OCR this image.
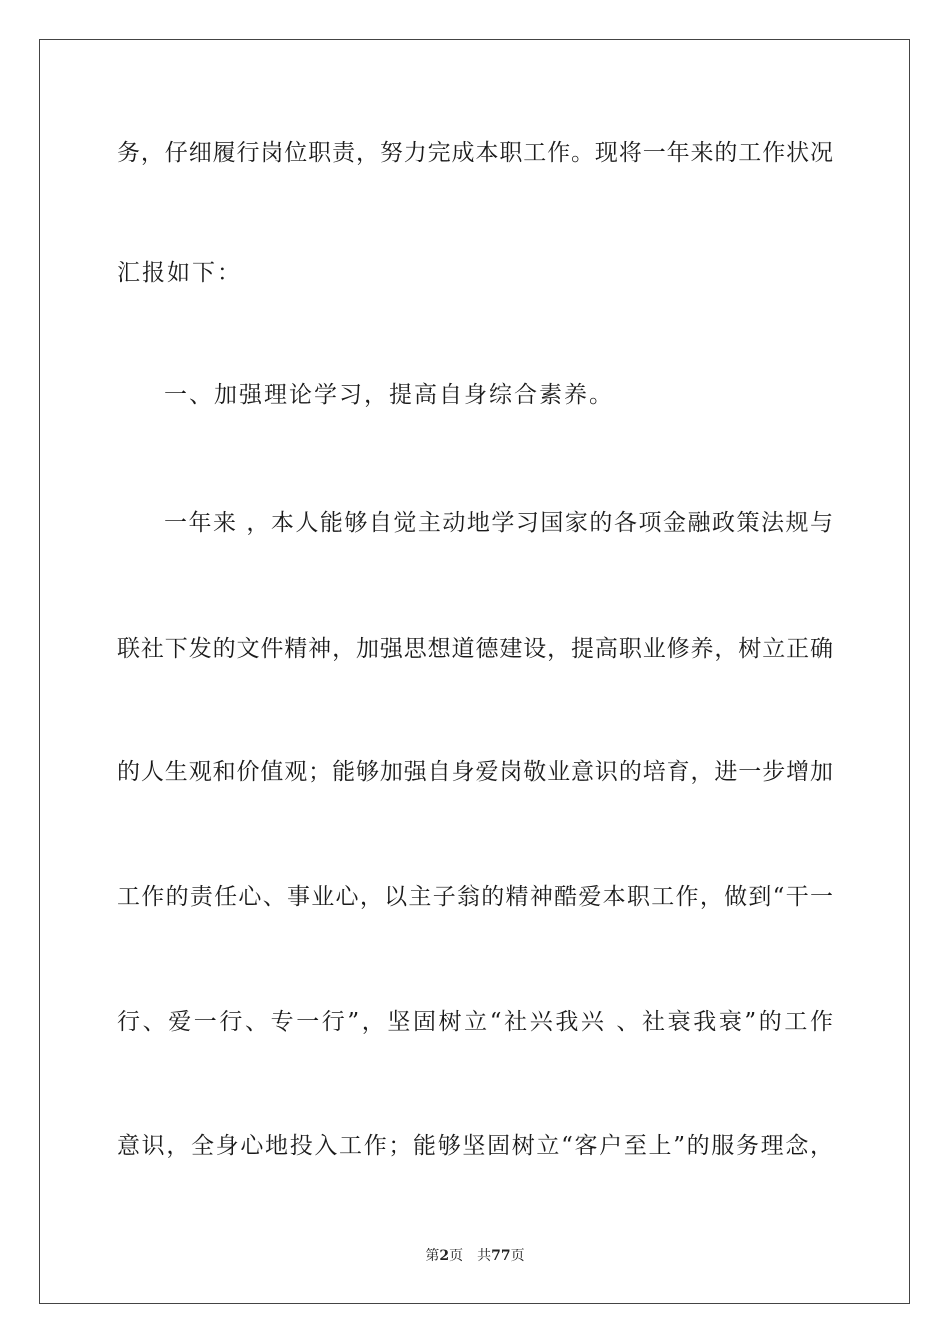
务，仔细履行岗位职责，努力完成本职工作。现将一年来的工作状况
汇报如下：
一、加强理论学习，提高自身综合素养。
一年来 ，本人能够自觉主动地学习国家的各项金融政策法规与
联社下发的文件精神，加强思想道德建设，提高职业修养，树立正确
的人生观和价值观；能够加强自身爱岗敬业意识的培育，进一步增加
工作的责任心、事业心，以主子翁的精神酷爱本职工作，做到“干一
行、爱一行、专一行”，坚固树立“社兴我兴 、社衰我衰”的工作
意识，全身心地投入工作；能够坚固树立“客户至上”的服务理念，
第2页 共77页
